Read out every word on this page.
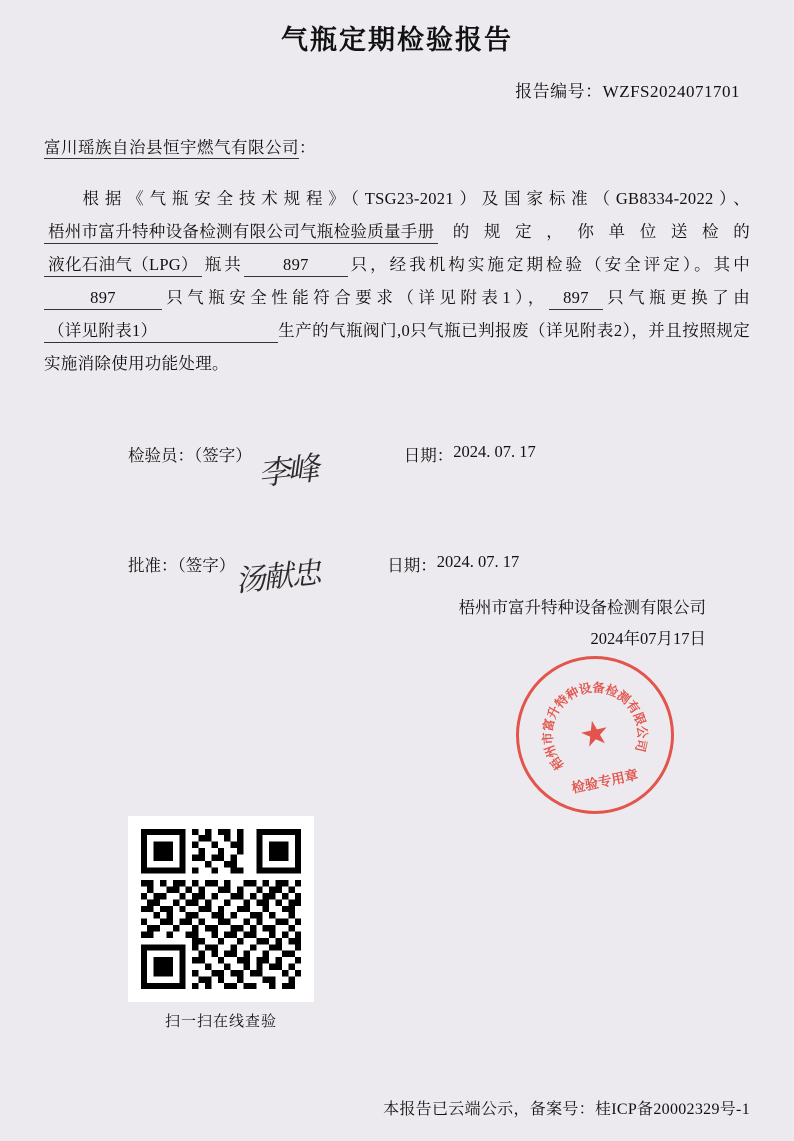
气瓶定期检验报告
报告编号：WZFS2024071701
富川瑶族自治县恒宇燃气有限公司：
根据《气瓶安全技术规程》（TSG23-2021）及国家标准（GB8334-2022）、梧州市富升特种设备检测有限公司气瓶检验质量手册 的规定，你单位送检的液化石油气（LPG） 瓶共 897 只，经我机构实施定期检验（安全评定）。其中897	只气瓶安全性能符合要求（详见附表1）， 897 只气瓶更换了由（详见附表1）	生产的气瓶阀门,0只气瓶已判报废（详见附表2），并且按照规定实施消除使用功能处理。
检验员：（签字） 李峰	日期： 2024. 07. 17
批准：（签字）
汤献忠	日期： 2024. 07. 17
梧州市富升特种设备检测有限公司
2024年07月17日
梧
州
市
富
升
特
种
设 备
检
测
有
限
公
司
★
检验专用章
扫一扫在线查验
本报告已云端公示，备案号：桂ICP备20002329号-1
